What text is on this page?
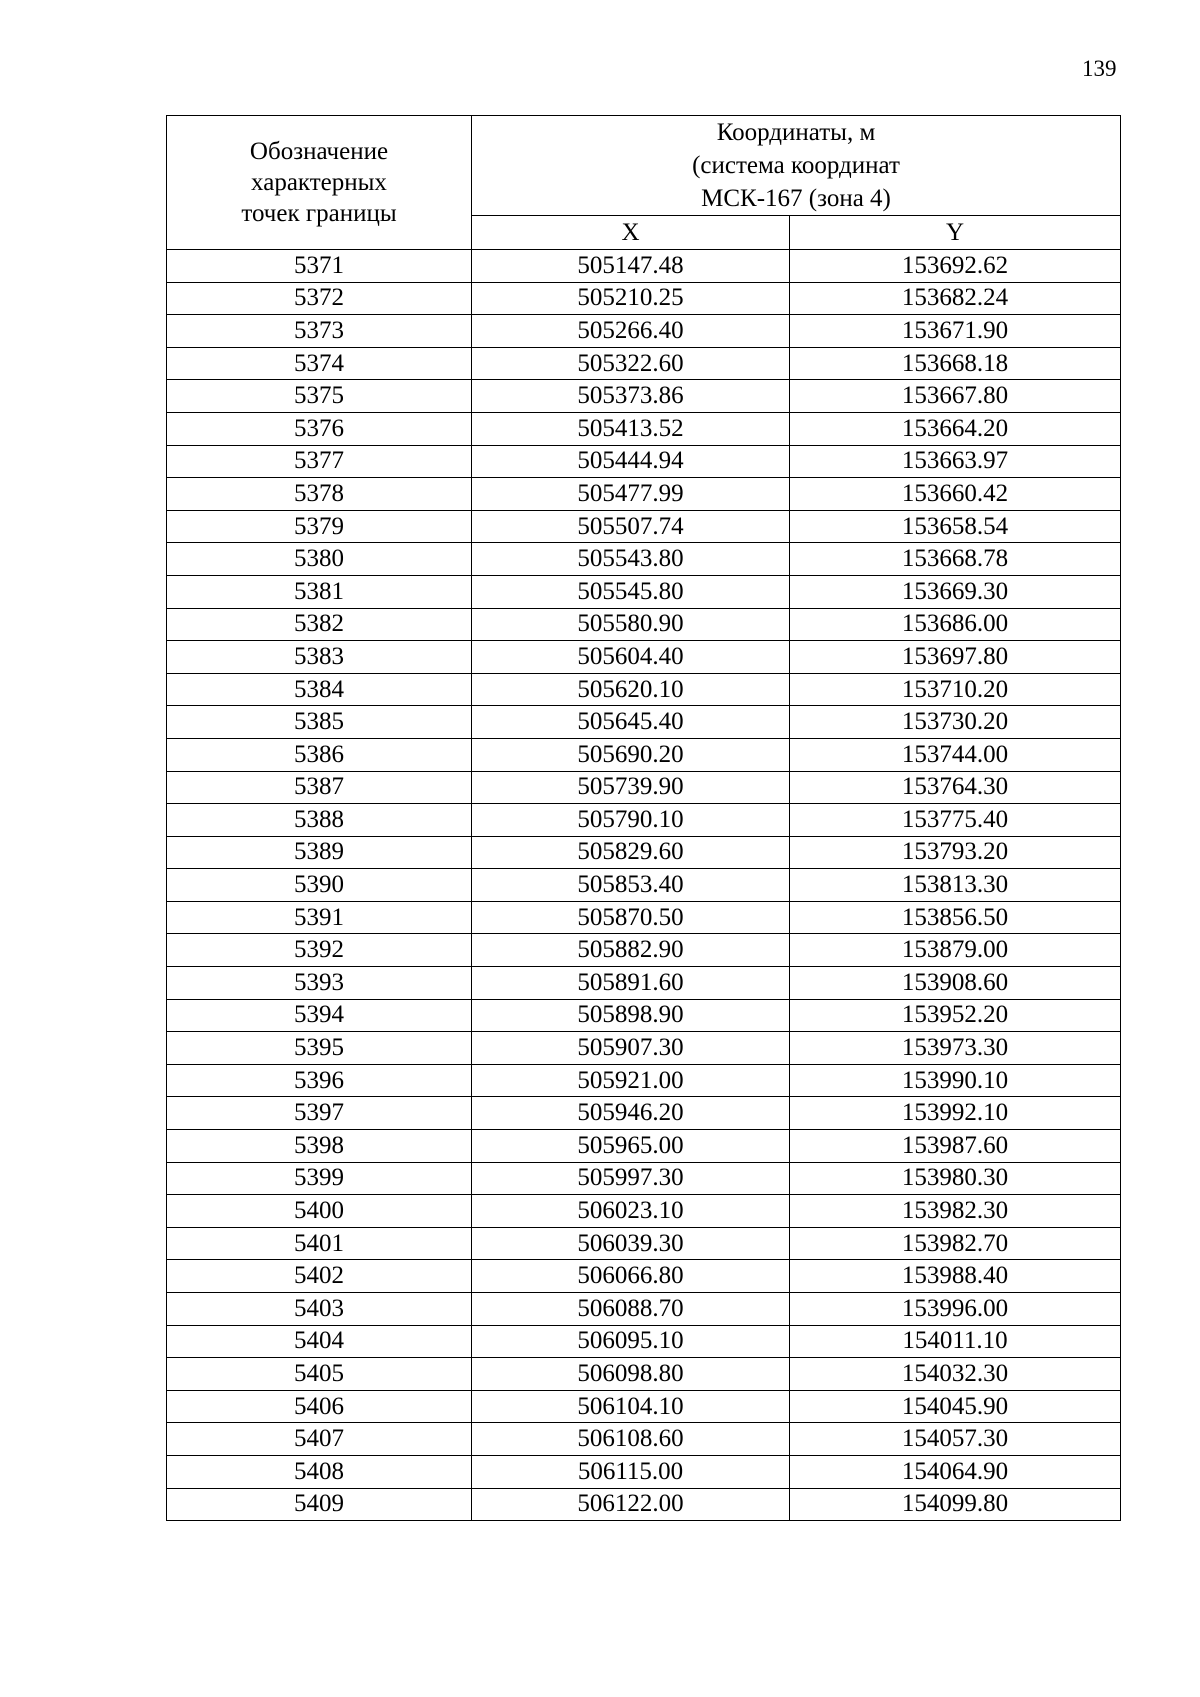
139
Обозначение
характерных
точек границы	Координаты, м
(система координат
МСК-167 (зона 4)	

	X	Y
5371	505147.48	153692.62
5372	505210.25	153682.24
5373	505266.40	153671.90
5374	505322.60	153668.18
5375	505373.86	153667.80
5376	505413.52	153664.20
5377	505444.94	153663.97
5378	505477.99	153660.42
5379	505507.74	153658.54
5380	505543.80	153668.78
5381	505545.80	153669.30
5382	505580.90	153686.00
5383	505604.40	153697.80
5384	505620.10	153710.20
5385	505645.40	153730.20
5386	505690.20	153744.00
5387	505739.90	153764.30
5388	505790.10	153775.40
5389	505829.60	153793.20
5390	505853.40	153813.30
5391	505870.50	153856.50
5392	505882.90	153879.00
5393	505891.60	153908.60
5394	505898.90	153952.20
5395	505907.30	153973.30
5396	505921.00	153990.10
5397	505946.20	153992.10
5398	505965.00	153987.60
5399	505997.30	153980.30
5400	506023.10	153982.30
5401	506039.30	153982.70
5402	506066.80	153988.40
5403	506088.70	153996.00
5404	506095.10	154011.10
5405	506098.80	154032.30
5406	506104.10	154045.90
5407	506108.60	154057.30
5408	506115.00	154064.90
5409	506122.00	154099.80
